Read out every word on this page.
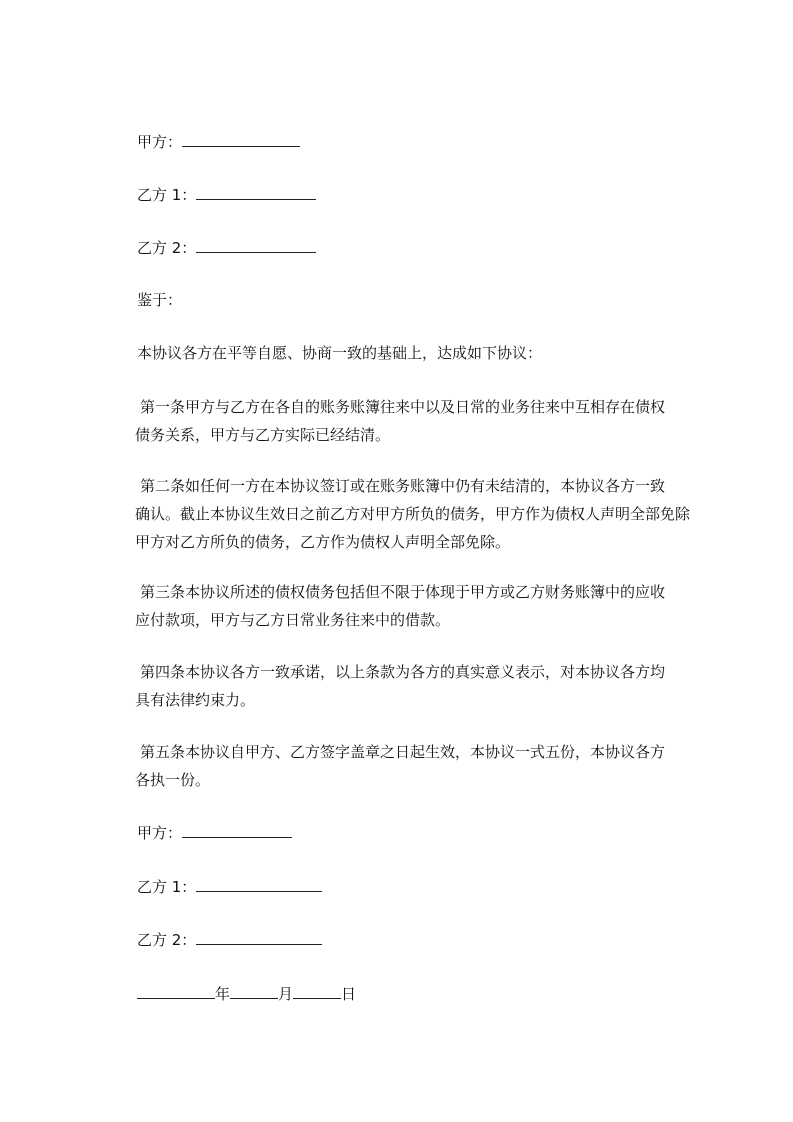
甲方：
乙方 1：
乙方 2：
鉴于：
本协议各方在平等自愿、协商一致的基础上，达成如下协议：
第一条甲方与乙方在各自的账务账簿往来中以及日常的业务往来中互相存在债权
债务关系，甲方与乙方实际已经结清。
第二条如任何一方在本协议签订或在账务账簿中仍有未结清的，本协议各方一致
确认。截止本协议生效日之前乙方对甲方所负的债务，甲方作为债权人声明全部免除
甲方对乙方所负的债务，乙方作为债权人声明全部免除。
第三条本协议所述的债权债务包括但不限于体现于甲方或乙方财务账簿中的应收
应付款项，甲方与乙方日常业务往来中的借款。
第四条本协议各方一致承诺，以上条款为各方的真实意义表示，对本协议各方均
具有法律约束力。
第五条本协议自甲方、乙方签字盖章之日起生效，本协议一式五份，本协议各方
各执一份。
甲方：
乙方 1：
乙方 2：
年	月	日
